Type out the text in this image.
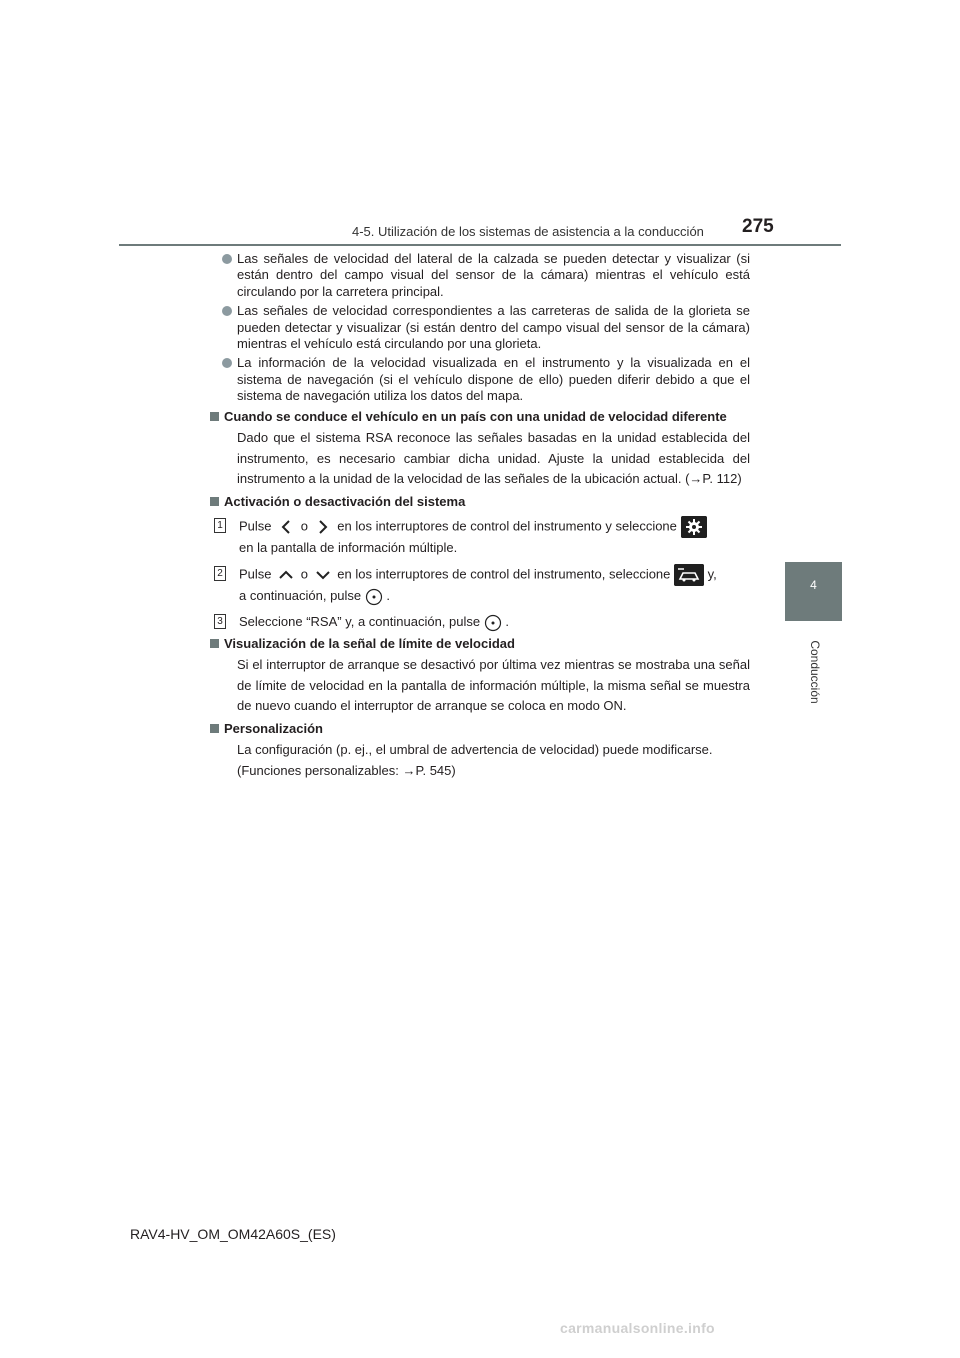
4-5. Utilización de los sistemas de asistencia a la conducción 275
4
Conducción
Las señales de velocidad del lateral de la calzada se pueden detectar y visualizar (si están dentro del campo visual del sensor de la cámara) mientras el vehículo está circulando por la carretera principal.
Las señales de velocidad correspondientes a las carreteras de salida de la glorieta se pueden detectar y visualizar (si están dentro del campo visual del sensor de la cámara) mientras el vehículo está circulando por una glorieta.
La información de la velocidad visualizada en el instrumento y la visualizada en el sistema de navegación (si el vehículo dispone de ello) pueden diferir debido a que el sistema de navegación utiliza los datos del mapa.
Cuando se conduce el vehículo en un país con una unidad de velocidad diferente
Dado que el sistema RSA reconoce las señales basadas en la unidad establecida del instrumento, es necesario cambiar dicha unidad. Ajuste la unidad establecida del instrumento a la unidad de la velocidad de las señales de la ubicación actual. (→P. 112)
Activación o desactivación del sistema
1 Pulse o en los interruptores de control del instrumento y seleccione
en la pantalla de información múltiple.
2 Pulse o en los interruptores de control del instrumento, seleccione	y,
a continuación, pulse .
3 Seleccione “RSA” y, a continuación, pulse .
Visualización de la señal de límite de velocidad
Si el interruptor de arranque se desactivó por última vez mientras se mostraba una señal de límite de velocidad en la pantalla de información múltiple, la misma señal se muestra de nuevo cuando el interruptor de arranque se coloca en modo ON.
Personalización
La configuración (p. ej., el umbral de advertencia de velocidad) puede modificarse.
(Funciones personalizables: →P. 545)
RAV4-HV_OM_OM42A60S_(ES)
carmanualsonline.info
